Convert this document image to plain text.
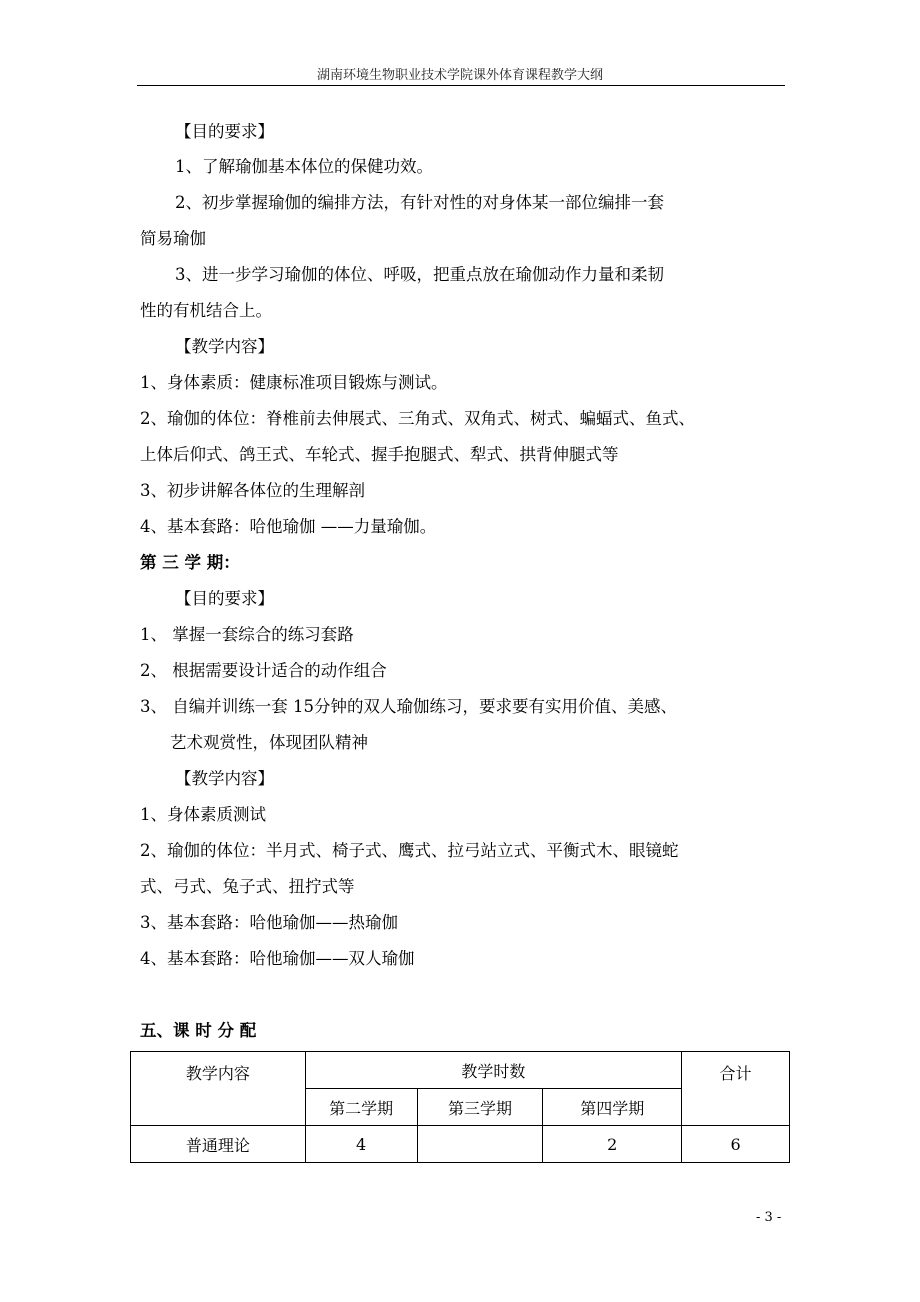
湖南环境生物职业技术学院课外体育课程教学大纲
【目的要求】
1、了解瑜伽基本体位的保健功效。
2、初步掌握瑜伽的编排方法，有针对性的对身体某一部位编排一套
简易瑜伽
3、进一步学习瑜伽的体位、呼吸，把重点放在瑜伽动作力量和柔韧
性的有机结合上。
【教学内容】
1、身体素质：健康标准项目锻炼与测试。
2、瑜伽的体位：脊椎前去伸展式、三角式、双角式、树式、蝙蝠式、鱼式、
上体后仰式、鸽王式、车轮式、握手抱腿式、犁式、拱背伸腿式等
3、初步讲解各体位的生理解剖
4、基本套路：哈他瑜伽 ——力量瑜伽。
第 三 学 期：
【目的要求】
1、 掌握一套综合的练习套路
2、 根据需要设计适合的动作组合
3、 自编并训练一套 15分钟的双人瑜伽练习，要求要有实用价值、美感、
艺术观赏性，体现团队精神
【教学内容】
1、身体素质测试
2、瑜伽的体位：半月式、椅子式、鹰式、拉弓站立式、平衡式木、眼镜蛇
式、弓式、兔子式、扭拧式等
3、基本套路：哈他瑜伽——热瑜伽
4、基本套路：哈他瑜伽——双人瑜伽
五、课 时 分 配
教学内容	教学时数			合计
	第二学期	第三学期	第四学期	
普通理论	4		2	6
- 3 -
